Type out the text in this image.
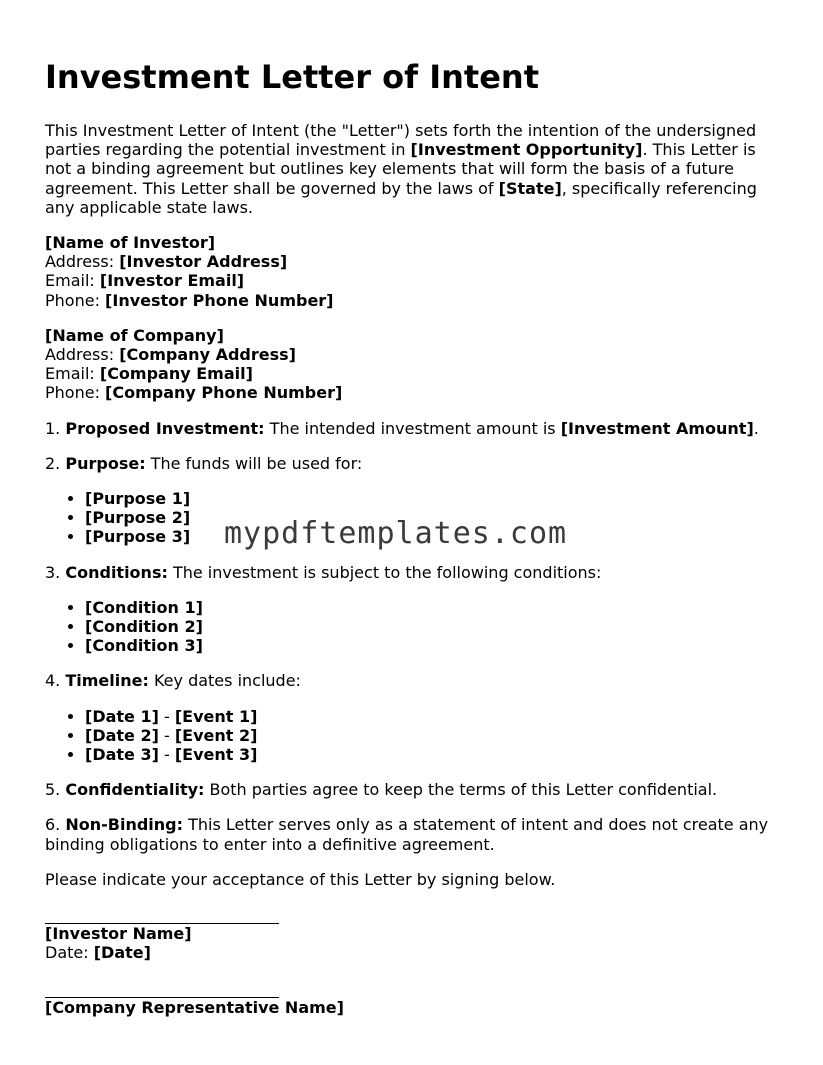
Investment Letter of Intent

This Investment Letter of Intent (the "Letter") sets forth the intention of the undersigned parties regarding the potential investment in [Investment Opportunity]. This Letter is not a binding agreement but outlines key elements that will form the basis of a future agreement. This Letter shall be governed by the laws of [State], specifically referencing any applicable state laws.

[Name of Investor]
Address: [Investor Address]
Email: [Investor Email]
Phone: [Investor Phone Number]
[Name of Company]
Address: [Company Address]
Email: [Company Email]
Phone: [Company Phone Number]

1. Proposed Investment: The intended investment amount is [Investment Amount].

2. Purpose: The funds will be used for:

• [Purpose 1]
• [Purpose 2]
• [Purpose 3]

3. Conditions: The investment is subject to the following conditions:

• [Condition 1]
• [Condition 2]
• [Condition 3]

4. Timeline: Key dates include:

• [Date 1] - [Event 1]
• [Date 2] - [Event 2]
• [Date 3] - [Event 3]

5. Confidentiality: Both parties agree to keep the terms of this Letter confidential.

6. Non-Binding: This Letter serves only as a statement of intent and does not create any binding obligations to enter into a definitive agreement.

Please indicate your acceptance of this Letter by signing below.

[Investor Name]
Date: [Date]
[Company Representative Name]
mypdftemplates.com
